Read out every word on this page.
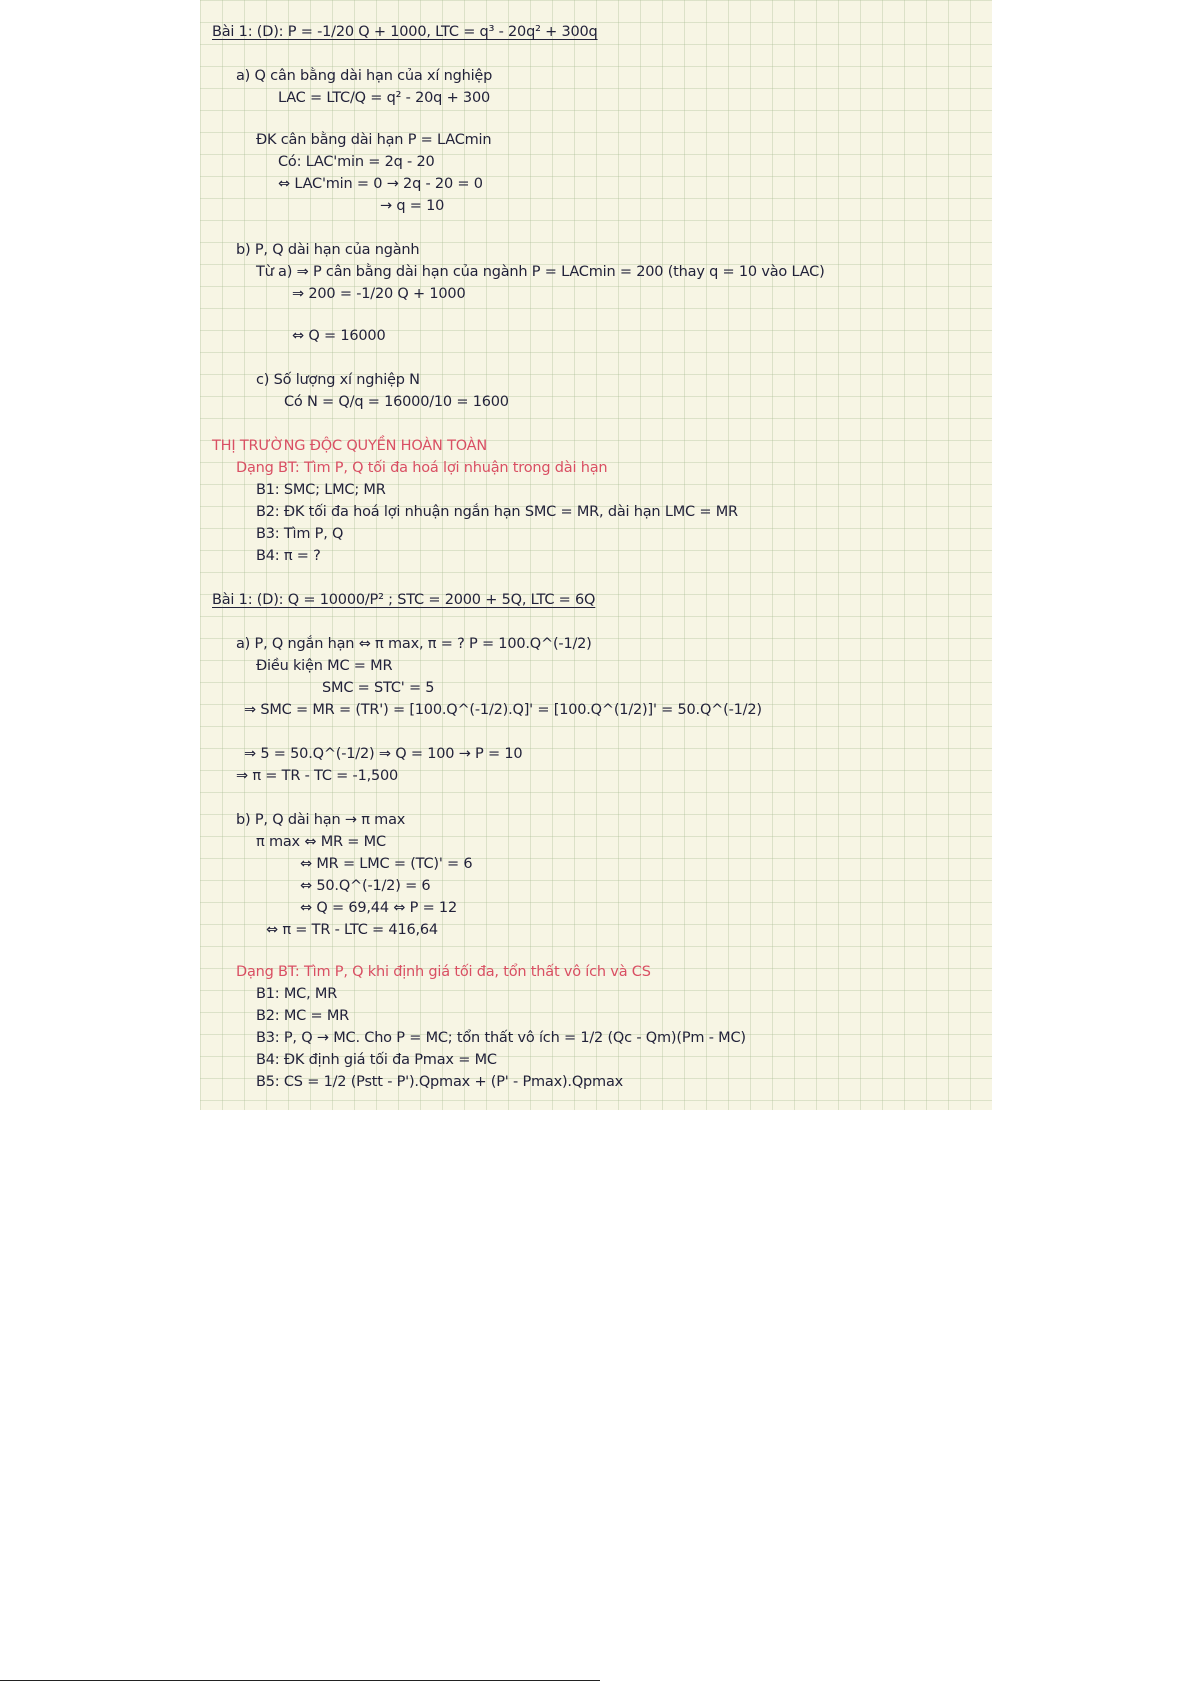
Bài 1: (D): P = -1/20 Q + 1000, LTC = q³ - 20q² + 300q
a) Q cân bằng dài hạn của xí nghiệp
LAC = LTC/Q = q² - 20q + 300
ĐK cân bằng dài hạn P = LACmin
Có: LAC'min = 2q - 20
⇔ LAC'min = 0 → 2q - 20 = 0
→ q = 10
b) P, Q dài hạn của ngành
Từ a) ⇒ P cân bằng dài hạn của ngành P = LACmin = 200 (thay q = 10 vào LAC)
⇒ 200 = -1/20 Q + 1000
⇔ Q = 16000
c) Số lượng xí nghiệp N
Có N = Q/q = 16000/10 = 1600
THỊ TRƯỜNG ĐỘC QUYỀN HOÀN TOÀN
Dạng BT: Tìm P, Q tối đa hoá lợi nhuận trong dài hạn
B1: SMC; LMC; MR
B2: ĐK tối đa hoá lợi nhuận ngắn hạn SMC = MR, dài hạn LMC = MR
B3: Tìm P, Q
B4: π = ?
Bài 1: (D): Q = 10000/P² ; STC = 2000 + 5Q, LTC = 6Q
a) P, Q ngắn hạn ⇔ π max, π = ? P = 100.Q^(-1/2)
Điều kiện MC = MR
SMC = STC' = 5
⇒ SMC = MR = (TR') = [100.Q^(-1/2).Q]' = [100.Q^(1/2)]' = 50.Q^(-1/2)
⇒ 5 = 50.Q^(-1/2) ⇒ Q = 100 → P = 10
⇒ π = TR - TC = -1,500
b) P, Q dài hạn → π max
π max ⇔ MR = MC
⇔ MR = LMC = (TC)' = 6
⇔ 50.Q^(-1/2) = 6
⇔ Q = 69,44 ⇔ P = 12
⇔ π = TR - LTC = 416,64
Dạng BT: Tìm P, Q khi định giá tối đa, tổn thất vô ích và CS
B1: MC, MR
B2: MC = MR
B3: P, Q → MC. Cho P = MC; tổn thất vô ích = 1/2 (Qc - Qm)(Pm - MC)
B4: ĐK định giá tối đa Pmax = MC
B5: CS = 1/2 (Pstt - P').Qpmax + (P' - Pmax).Qpmax
